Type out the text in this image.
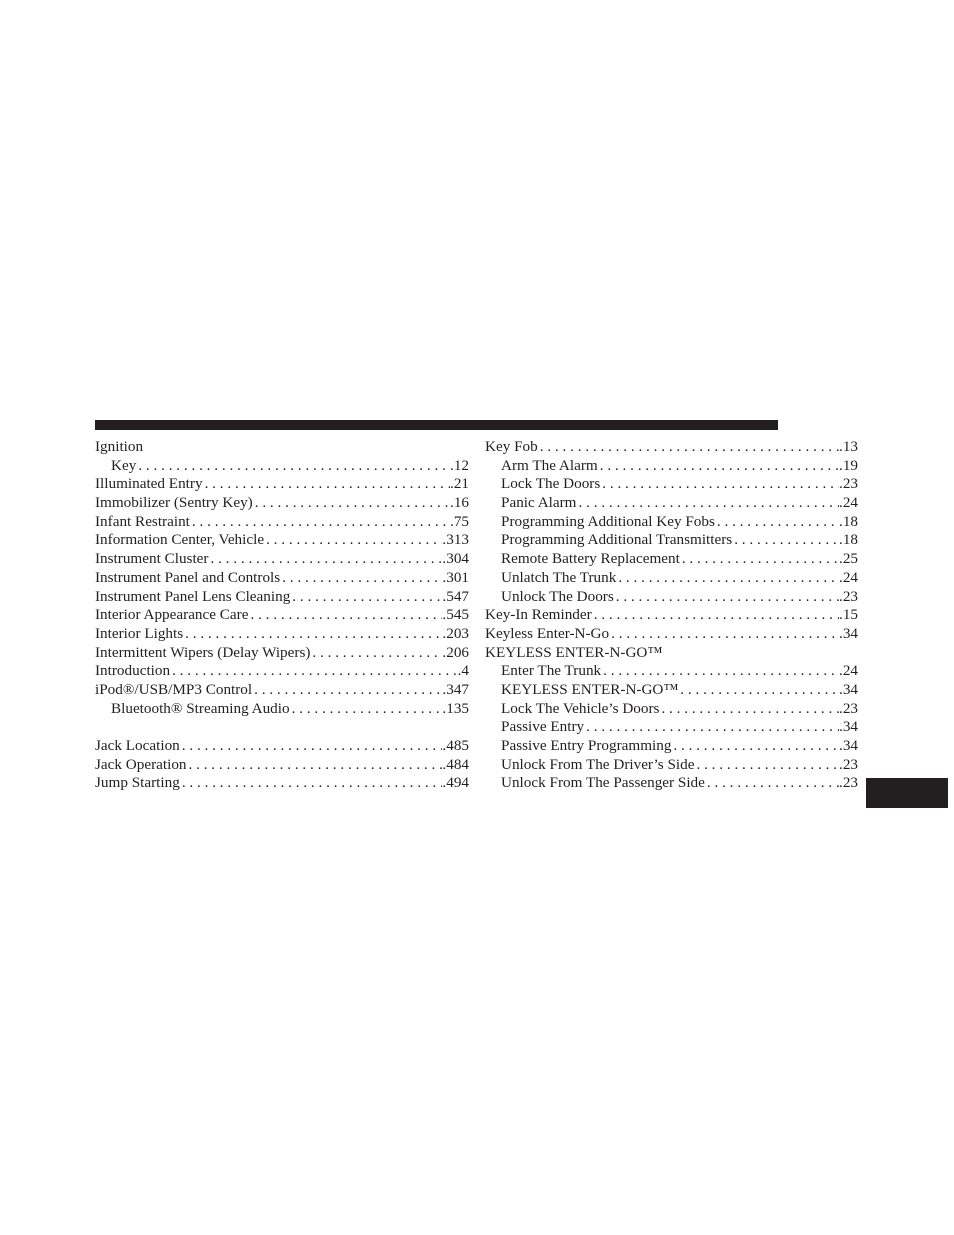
Ignition
Key . . .	.12
Illuminated Entry . . .	.21
Immobilizer (Sentry Key) . . .	.16
Infant Restraint . . .	.75
Information Center, Vehicle . . .	.313
Instrument Cluster . . .	.304
Instrument Panel and Controls . . .	.301
Instrument Panel Lens Cleaning . . .	.547
Interior Appearance Care . . .	.545
Interior Lights . . .	.203
Intermittent Wipers (Delay Wipers) . . .	.206
Introduction . . .	.4
iPod®/USB/MP3 Control . . .	.347
Bluetooth® Streaming Audio . . .	.135
Jack Location . . .	.485
Jack Operation . . .	.484
Jump Starting . . .	.494
Key Fob . . .	.13
Arm The Alarm . . .	.19
Lock The Doors . . .	.23
Panic Alarm . . .	.24
Programming Additional Key Fobs . . .	.18
Programming Additional Transmitters . . .	.18
Remote Battery Replacement . . .	.25
Unlatch The Trunk . . .	.24
Unlock The Doors . . .	.23
Key-In Reminder . . .	.15
Keyless Enter-N-Go . . .	.34
KEYLESS ENTER-N-GO™
Enter The Trunk . . .	.24
KEYLESS ENTER-N-GO™ . . .	.34
Lock The Vehicle’s Doors . . .	.23
Passive Entry . . .	.34
Passive Entry Programming . . .	.34
Unlock From The Driver’s Side . . .	.23
Unlock From The Passenger Side . . .	.23
